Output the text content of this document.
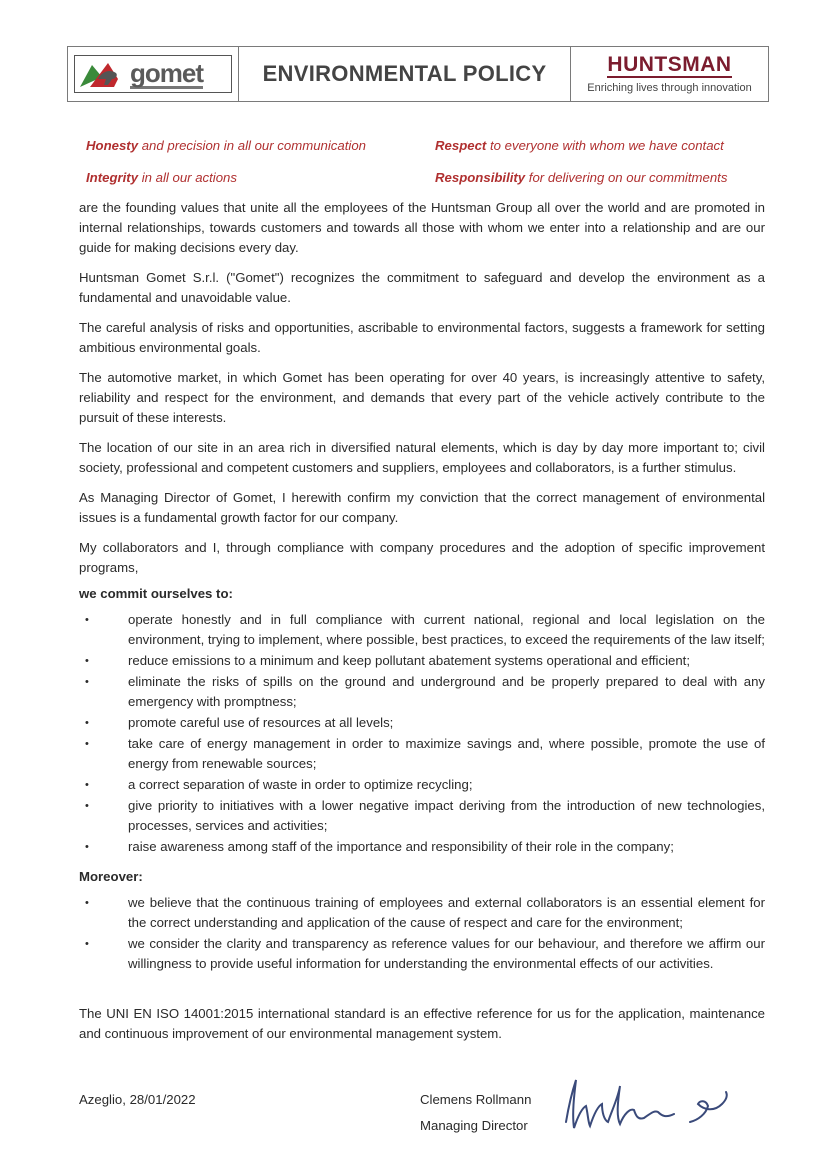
gomet	ENVIRONMENTAL POLICY	HUNTSMAN
Enriching lives through innovation
Honesty and precision in all our communication	Respect to everyone with whom we have contact
Integrity in all our actions	Responsibility for delivering on our commitments

are the founding values that unite all the employees of the Huntsman Group all over the world and are promoted in internal relationships, towards customers and towards all those with whom we enter into a relationship and are our guide for making decisions every day.

Huntsman Gomet S.r.l. ("Gomet") recognizes the commitment to safeguard and develop the environment as a fundamental and unavoidable value.

The careful analysis of risks and opportunities, ascribable to environmental factors, suggests a framework for setting ambitious environmental goals.

The automotive market, in which Gomet has been operating for over 40 years, is increasingly attentive to safety, reliability and respect for the environment, and demands that every part of the vehicle actively contribute to the pursuit of these interests.

The location of our site in an area rich in diversified natural elements, which is day by day more important to; civil society, professional and competent customers and suppliers, employees and collaborators, is a further stimulus.

As Managing Director of Gomet, I herewith confirm my conviction that the correct management of environmental issues is a fundamental growth factor for our company.

My collaborators and I, through compliance with company procedures and the adoption of specific improvement programs,

we commit ourselves to:
•	operate honestly and in full compliance with current national, regional and local legislation on the environment, trying to implement, where possible, best practices, to exceed the requirements of the law itself;
•	reduce emissions to a minimum and keep pollutant abatement systems operational and efficient;
•	eliminate the risks of spills on the ground and underground and be properly prepared to deal with any emergency with promptness;
•	promote careful use of resources at all levels;
•	take care of energy management in order to maximize savings and, where possible, promote the use of energy from renewable sources;
•	a correct separation of waste in order to optimize recycling;
•	give priority to initiatives with a lower negative impact deriving from the introduction of new technologies, processes, services and activities;
•	raise awareness among staff of the importance and responsibility of their role in the company;
Moreover:
•	we believe that the continuous training of employees and external collaborators is an essential element for the correct understanding and application of the cause of respect and care for the environment;
•	we consider the clarity and transparency as reference values for our behaviour, and therefore we affirm our willingness to provide useful information for understanding the environmental effects of our activities.

The UNI EN ISO 14001:2015 international standard is an effective reference for us for the application, maintenance and continuous improvement of our environmental management system.

Azeglio, 28/01/2022	Clemens Rollmann
Managing Director
